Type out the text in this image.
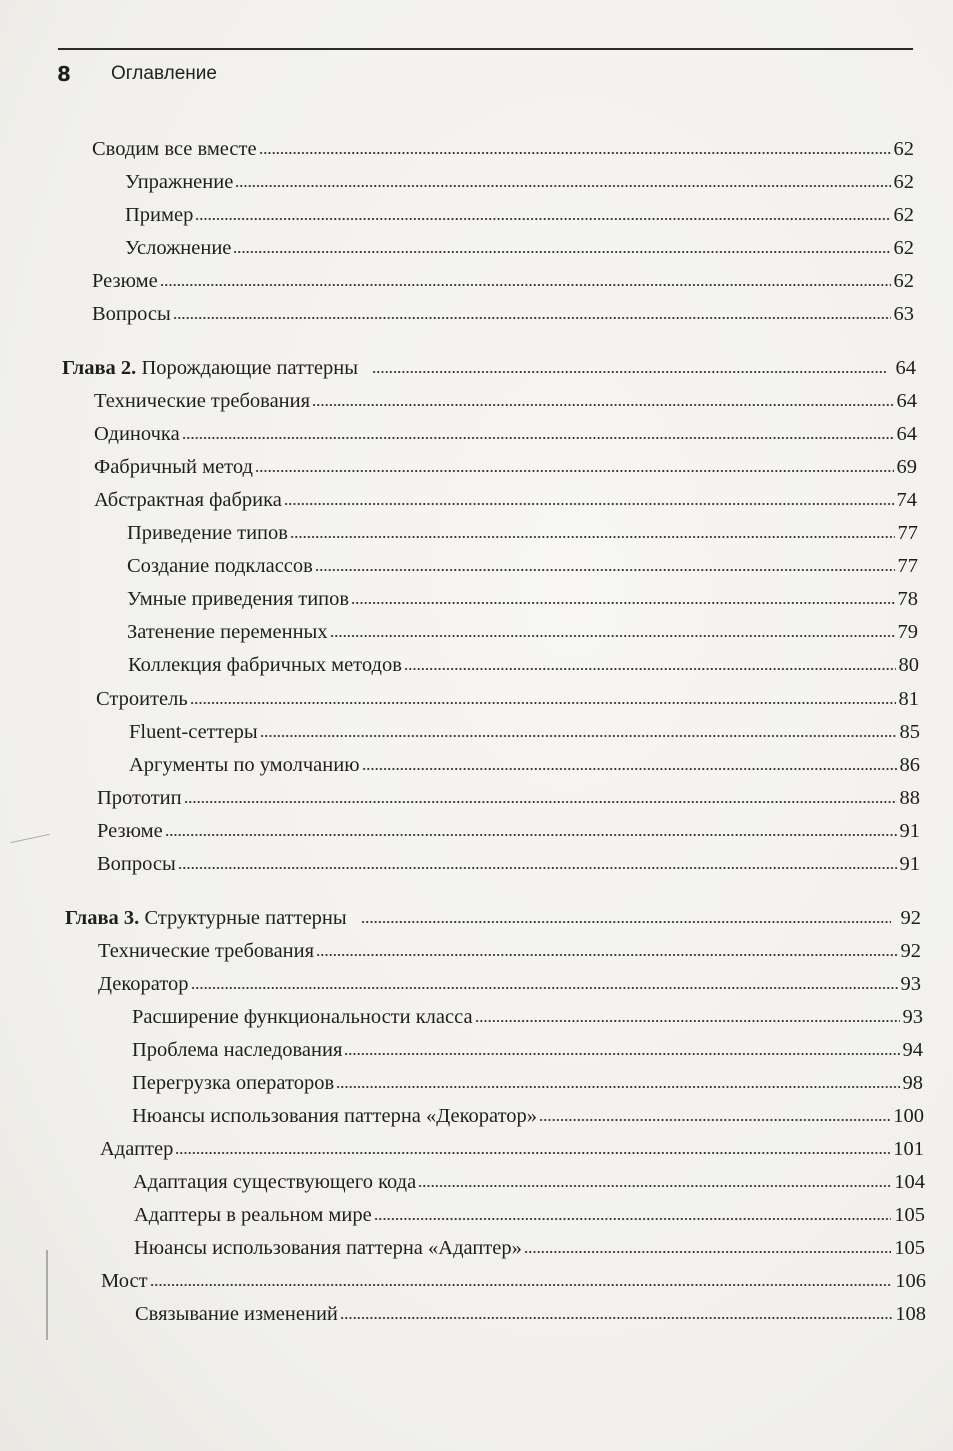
8 Оглавление
Сводим все вместе	62
Упражнение	62
Пример	62
Усложнение	62
Резюме	62
Вопросы	63
Глава 2. Порождающие паттерны	64
Технические требования	64
Одиночка	64
Фабричный метод	69
Абстрактная фабрика	74
Приведение типов	77
Создание подклассов	77
Умные приведения типов	78
Затенение переменных	79
Коллекция фабричных методов	80
Строитель	81
Fluent-сеттеры	85
Аргументы по умолчанию	86
Прототип	88
Резюме	91
Вопросы	91
Глава 3. Структурные паттерны	92
Технические требования	92
Декоратор	93
Расширение функциональности класса	93
Проблема наследования	94
Перегрузка операторов	98
Нюансы использования паттерна «Декоратор»	100
Адаптер	101
Адаптация существующего кода	104
Адаптеры в реальном мире	105
Нюансы использования паттерна «Адаптер»	105
Мост	106
Связывание изменений	108
